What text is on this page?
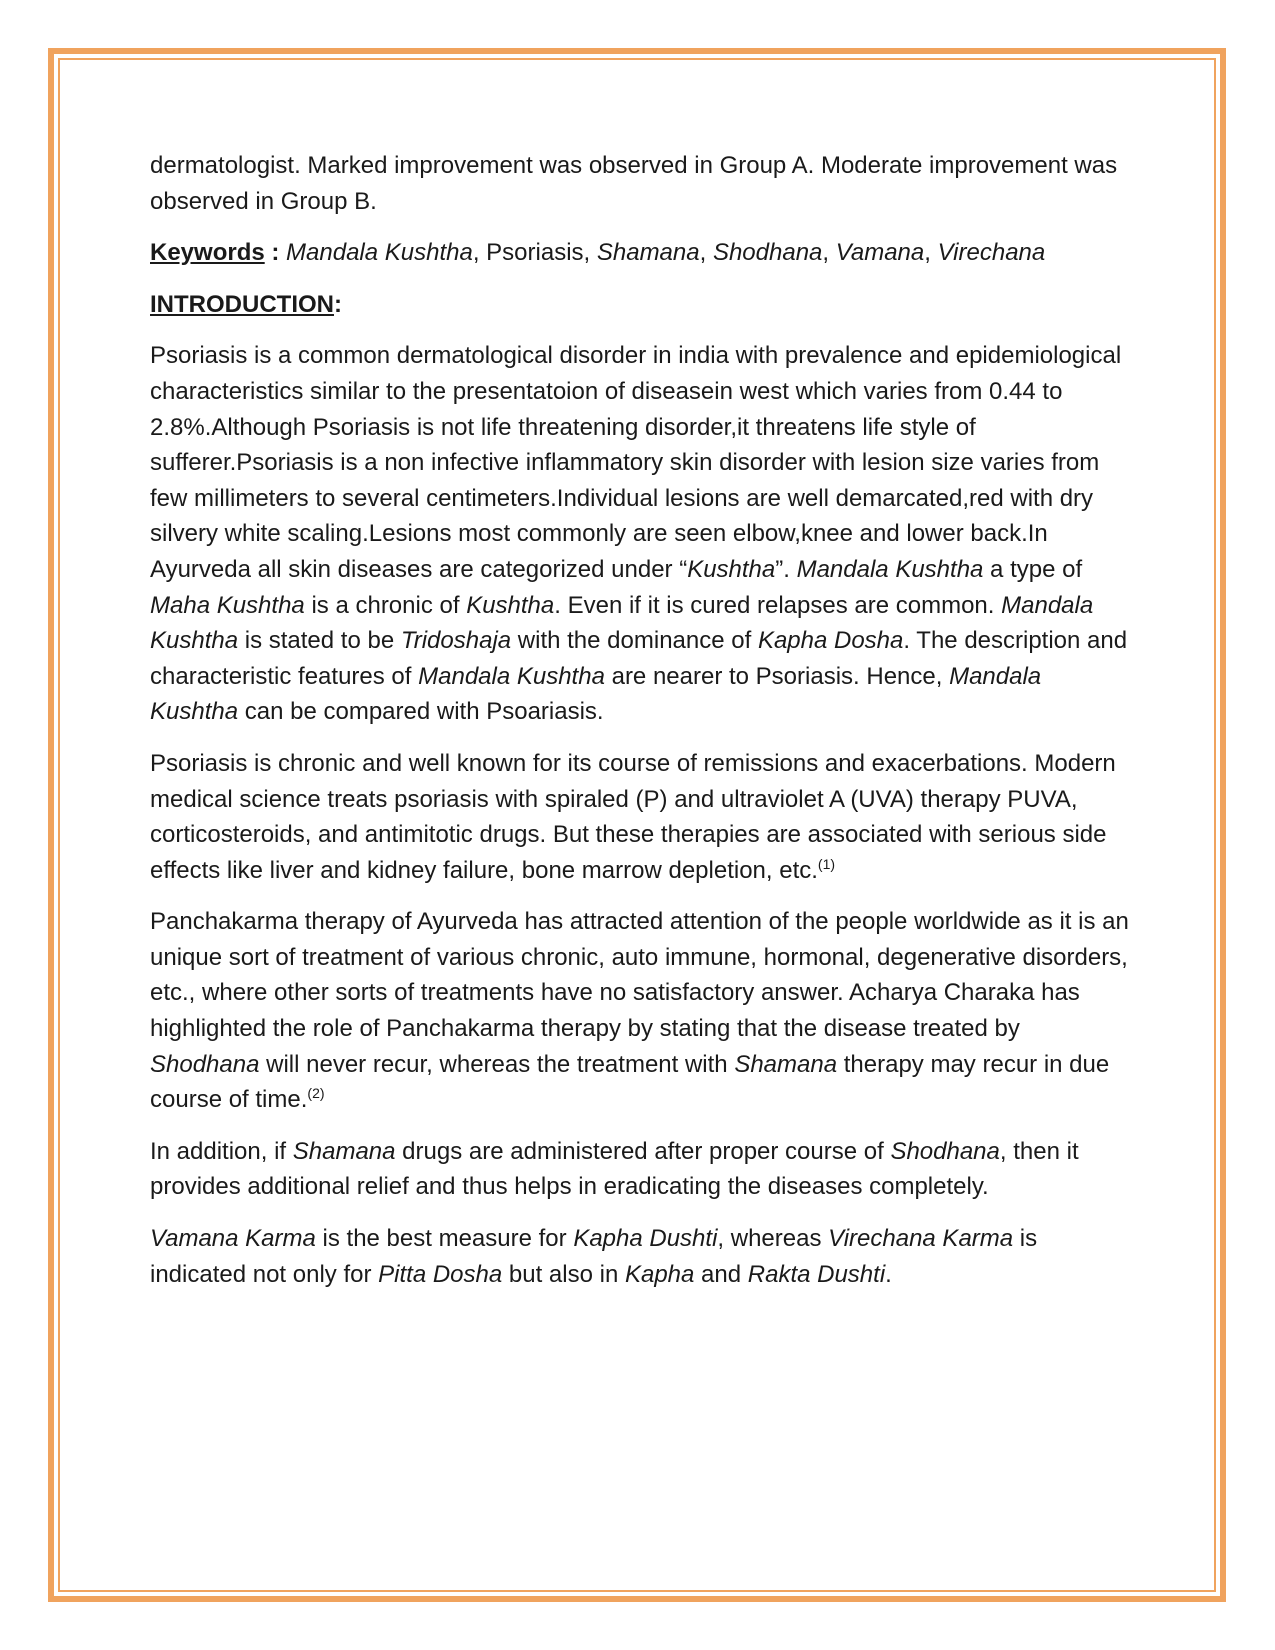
dermatologist. Marked improvement was observed in Group A. Moderate improvement was observed in Group B.

Keywords : Mandala Kushtha, Psoriasis, Shamana, Shodhana, Vamana, Virechana

INTRODUCTION:

Psoriasis is a common dermatological disorder in india with prevalence and epidemiological characteristics similar to the presentatoion of diseasein west which varies from 0.44 to 2.8%.Although Psoriasis is not life threatening disorder,it threatens life style of sufferer.Psoriasis is a non infective inflammatory skin disorder with lesion size varies from few millimeters to several centimeters.Individual lesions are well demarcated,red with dry silvery white scaling.Lesions most commonly are seen elbow,knee and lower back.In Ayurveda all skin diseases are categorized under “Kushtha”. Mandala Kushtha a type of Maha Kushtha is a chronic of Kushtha. Even if it is cured relapses are common. Mandala Kushtha is stated to be Tridoshaja with the dominance of Kapha Dosha. The description and characteristic features of Mandala Kushtha are nearer to Psoriasis. Hence, Mandala Kushtha can be compared with Psoariasis.

Psoriasis is chronic and well known for its course of remissions and exacerbations. Modern medical science treats psoriasis with spiraled (P) and ultraviolet A (UVA) therapy PUVA, corticosteroids, and antimitotic drugs. But these therapies are associated with serious side effects like liver and kidney failure, bone marrow depletion, etc.$^{(1)}$

Panchakarma therapy of Ayurveda has attracted attention of the people worldwide as it is an unique sort of treatment of various chronic, auto immune, hormonal, degenerative disorders, etc., where other sorts of treatments have no satisfactory answer. Acharya Charaka has highlighted the role of Panchakarma therapy by stating that the disease treated by Shodhana will never recur, whereas the treatment with Shamana therapy may recur in due course of time.$^{(2)}$

In addition, if Shamana drugs are administered after proper course of Shodhana, then it provides additional relief and thus helps in eradicating the diseases completely.

Vamana Karma is the best measure for Kapha Dushti, whereas Virechana Karma is indicated not only for Pitta Dosha but also in Kapha and Rakta Dushti.
